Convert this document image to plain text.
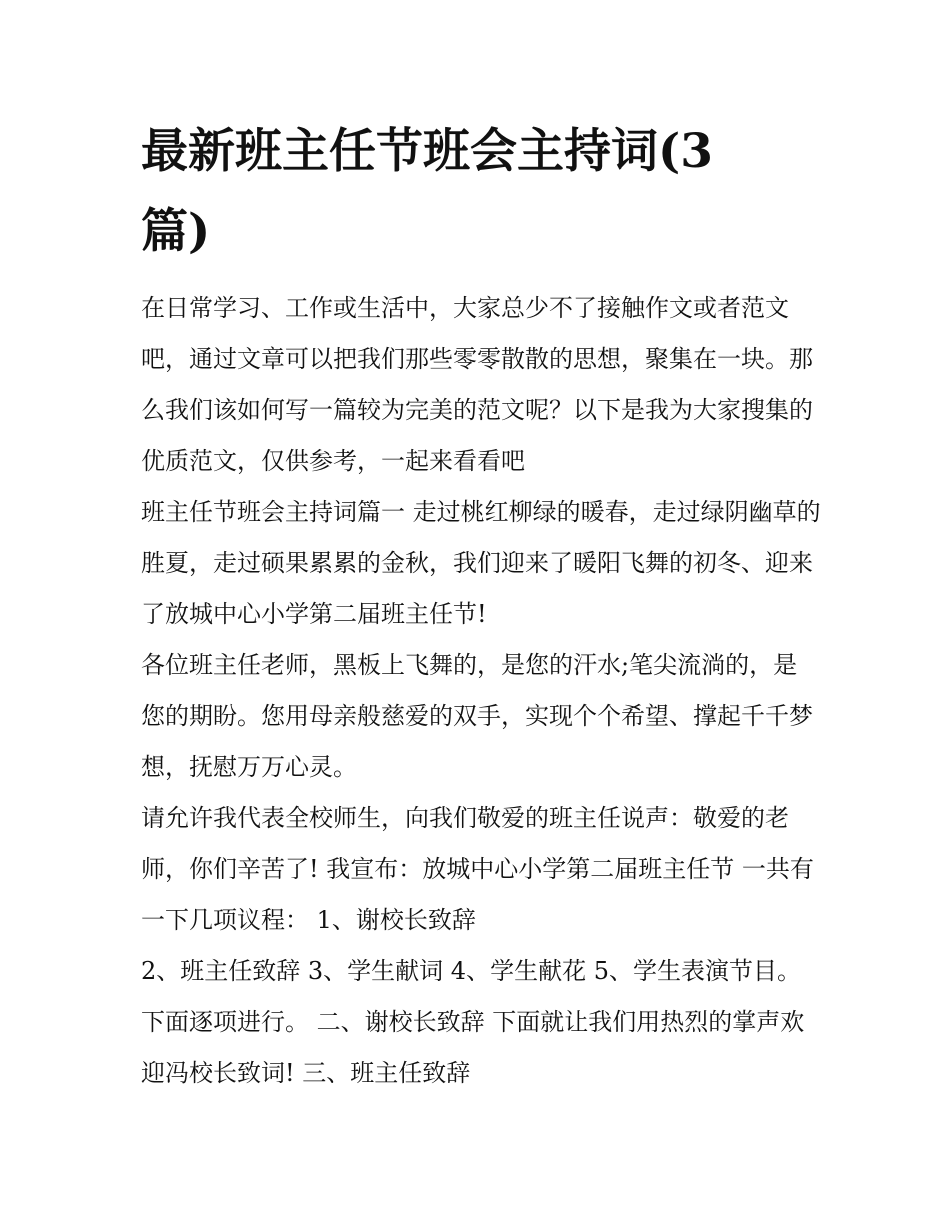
最新班主任节班会主持词(3篇)

在日常学习、工作或生活中，大家总少不了接触作文或者范文吧，通过文章可以把我们那些零零散散的思想，聚集在一块。那么我们该如何写一篇较为完美的范文呢？以下是我为大家搜集的优质范文，仅供参考，一起来看看吧

班主任节班会主持词篇一 走过桃红柳绿的暖春，走过绿阴幽草的胜夏，走过硕果累累的金秋，我们迎来了暖阳飞舞的初冬、迎来了放城中心小学第二届班主任节!

各位班主任老师，黑板上飞舞的，是您的汗水;笔尖流淌的，是您的期盼。您用母亲般慈爱的双手，实现个个希望、撑起千千梦想，抚慰万万心灵。

请允许我代表全校师生，向我们敬爱的班主任说声：敬爱的老师，你们辛苦了! 我宣布：放城中心小学第二届班主任节 一共有一下几项议程： 1、谢校长致辞

2、班主任致辞 3、学生献词 4、学生献花 5、学生表演节目。下面逐项进行。 二、谢校长致辞 下面就让我们用热烈的掌声欢迎冯校长致词! 三、班主任致辞
